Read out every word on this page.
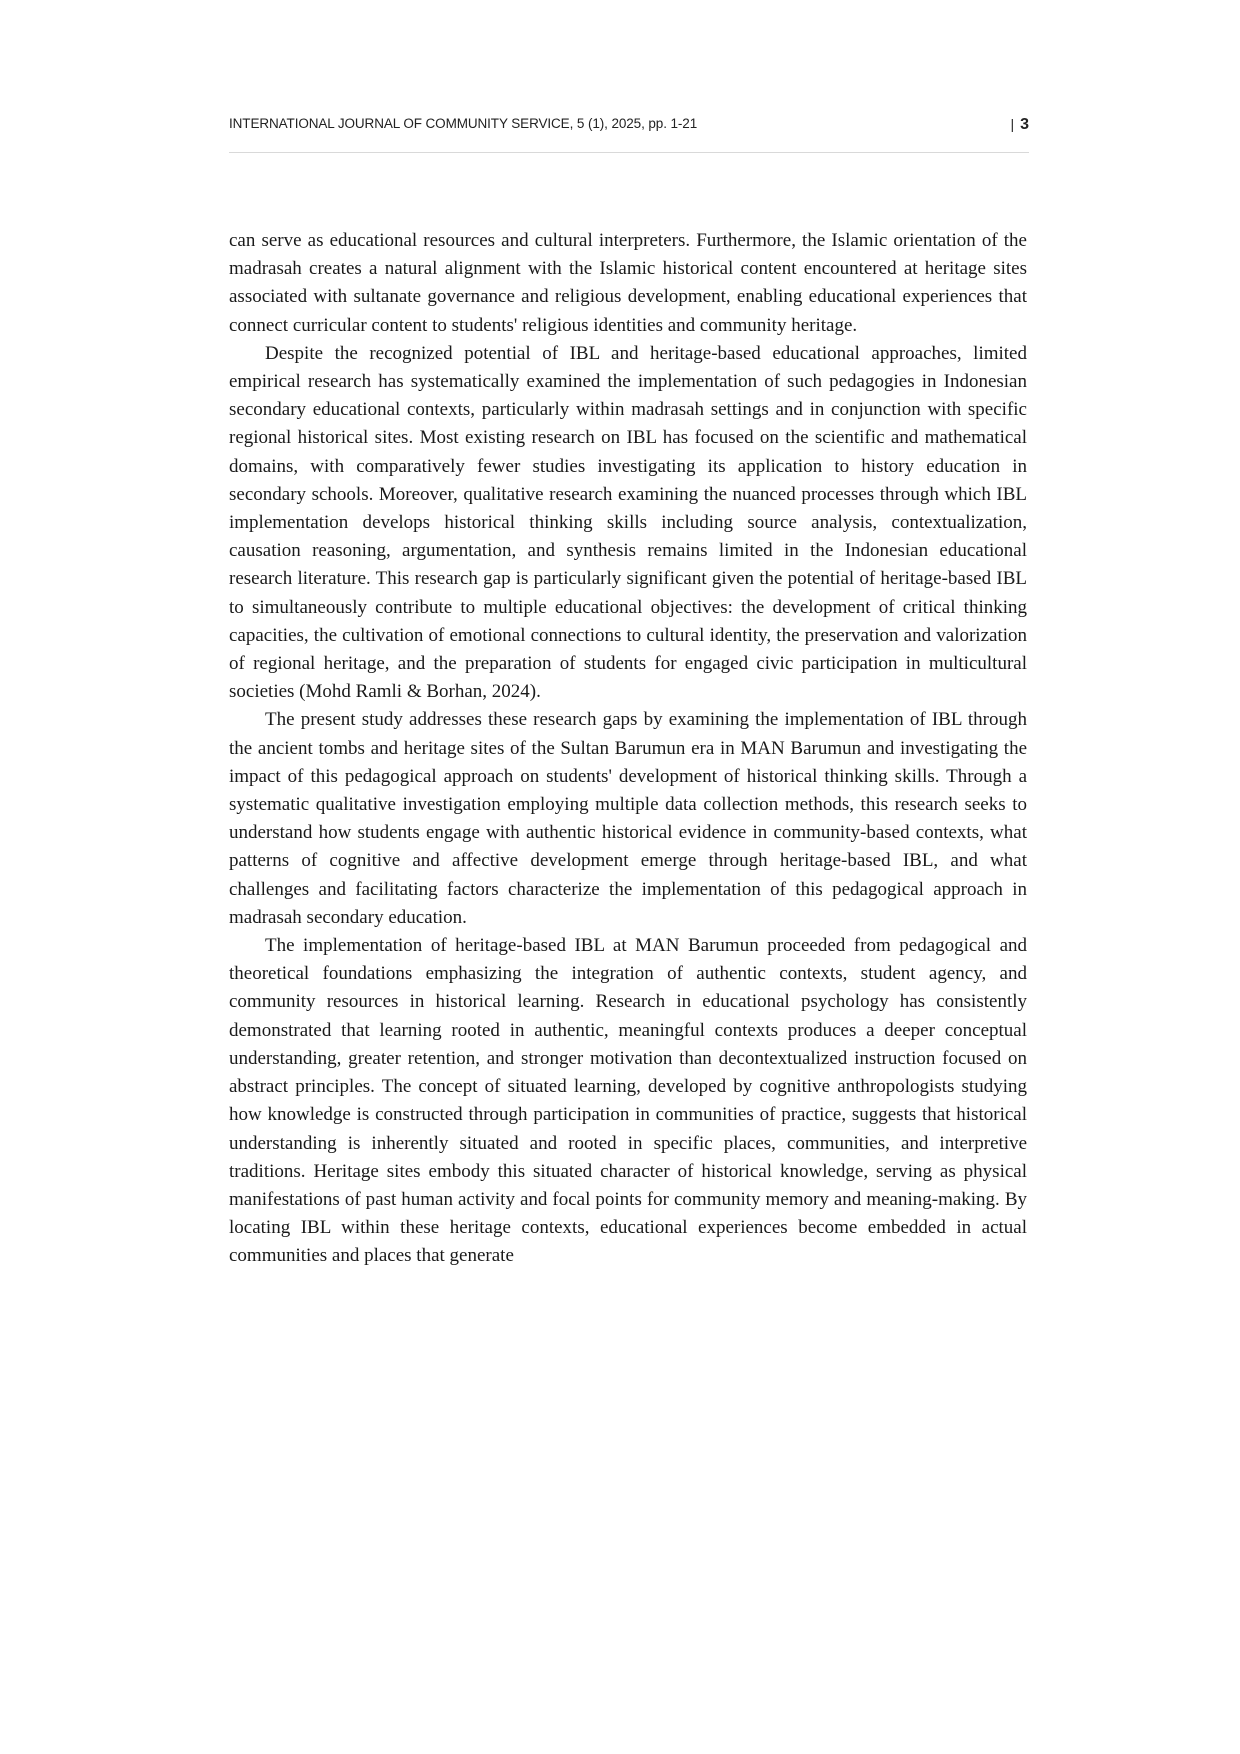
INTERNATIONAL JOURNAL OF COMMUNITY SERVICE, 5 (1), 2025, pp. 1-21	| 3

can serve as educational resources and cultural interpreters. Furthermore, the Islamic orientation of the madrasah creates a natural alignment with the Islamic historical content encountered at heritage sites associated with sultanate governance and religious development, enabling educational experiences that connect curricular content to students' religious identities and community heritage.

Despite the recognized potential of IBL and heritage-based educational approaches, limited empirical research has systematically examined the implementation of such pedagogies in Indonesian secondary educational contexts, particularly within madrasah settings and in conjunction with specific regional historical sites. Most existing research on IBL has focused on the scientific and mathematical domains, with comparatively fewer studies investigating its application to history education in secondary schools. Moreover, qualitative research examining the nuanced processes through which IBL implementation develops historical thinking skills including source analysis, contextualization, causation reasoning, argumentation, and synthesis remains limited in the Indonesian educational research literature. This research gap is particularly significant given the potential of heritage-based IBL to simultaneously contribute to multiple educational objectives: the development of critical thinking capacities, the cultivation of emotional connections to cultural identity, the preservation and valorization of regional heritage, and the preparation of students for engaged civic participation in multicultural societies (Mohd Ramli & Borhan, 2024).

The present study addresses these research gaps by examining the implementation of IBL through the ancient tombs and heritage sites of the Sultan Barumun era in MAN Barumun and investigating the impact of this pedagogical approach on students' development of historical thinking skills. Through a systematic qualitative investigation employing multiple data collection methods, this research seeks to understand how students engage with authentic historical evidence in community-based contexts, what patterns of cognitive and affective development emerge through heritage-based IBL, and what challenges and facilitating factors characterize the implementation of this pedagogical approach in madrasah secondary education.

The implementation of heritage-based IBL at MAN Barumun proceeded from pedagogical and theoretical foundations emphasizing the integration of authentic contexts, student agency, and community resources in historical learning. Research in educational psychology has consistently demonstrated that learning rooted in authentic, meaningful contexts produces a deeper conceptual understanding, greater retention, and stronger motivation than decontextualized instruction focused on abstract principles. The concept of situated learning, developed by cognitive anthropologists studying how knowledge is constructed through participation in communities of practice, suggests that historical understanding is inherently situated and rooted in specific places, communities, and interpretive traditions. Heritage sites embody this situated character of historical knowledge, serving as physical manifestations of past human activity and focal points for community memory and meaning-making. By locating IBL within these heritage contexts, educational experiences become embedded in actual communities and places that generate
